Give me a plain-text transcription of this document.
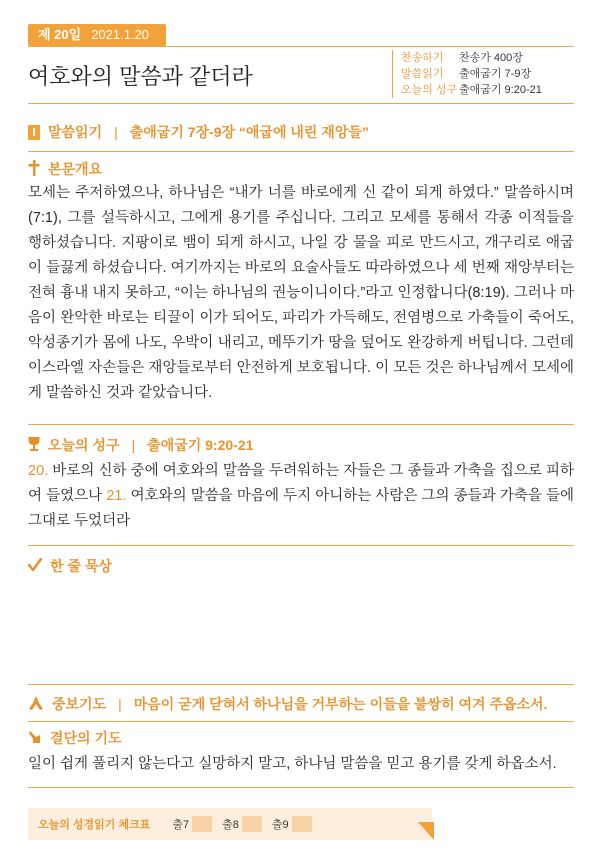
제 20일 2021.1.20
여호와의 말씀과 같더라
찬송하기	찬송가 400장
말씀읽기	출애굽기 7-9장
오늘의 성구 출애굽기 9:20-21
말씀읽기 | 출애굽기 7장-9장 “애굽에 내린 재앙들”
본문개요
모세는 주저하였으나, 하나님은 “내가 너를 바로에게 신 같이 되게 하였다.” 말씀하시며(7:1), 그를 설득하시고, 그에게 용기를 주십니다. 그리고 모세를 통해서 각종 이적들을 행하셨습니다. 지팡이로 뱀이 되게 하시고, 나일 강 물을 피로 만드시고, 개구리로 애굽이 들끓게 하셨습니다. 여기까지는 바로의 요술사들도 따라하였으나 세 번째 재앙부터는 전혀 흉내 내지 못하고, “이는 하나님의 권능이니이다.”라고 인정합니다(8:19). 그러나 마음이 완악한 바로는 티끌이 이가 되어도, 파리가 가득해도, 전염병으로 가축들이 죽어도, 악성종기가 몸에 나도, 우박이 내리고, 메뚜기가 땅을 덮어도 완강하게 버팁니다. 그런데 이스라엘 자손들은 재앙들로부터 안전하게 보호됩니다. 이 모든 것은 하나님께서 모세에게 말씀하신 것과 같았습니다.
오늘의 성구 | 출애굽기 9:20-21
20. 바로의 신하 중에 여호와의 말씀을 두려워하는 자들은 그 종들과 가축을 집으로 피하여 들였으나 21. 여호와의 말씀을 마음에 두지 아니하는 사람은 그의 종들과 가축을 들에 그대로 두었더라
한 줄 묵상
중보기도 | 마음이 굳게 닫혀서 하나님을 거부하는 이들을 불쌍히 여겨 주옵소서.
결단의 기도
일이 쉽게 풀리지 않는다고 실망하지 말고, 하나님 말씀을 믿고 용기를 갖게 하옵소서.
오늘의 성경읽기 체크표 출7	출8	출9
